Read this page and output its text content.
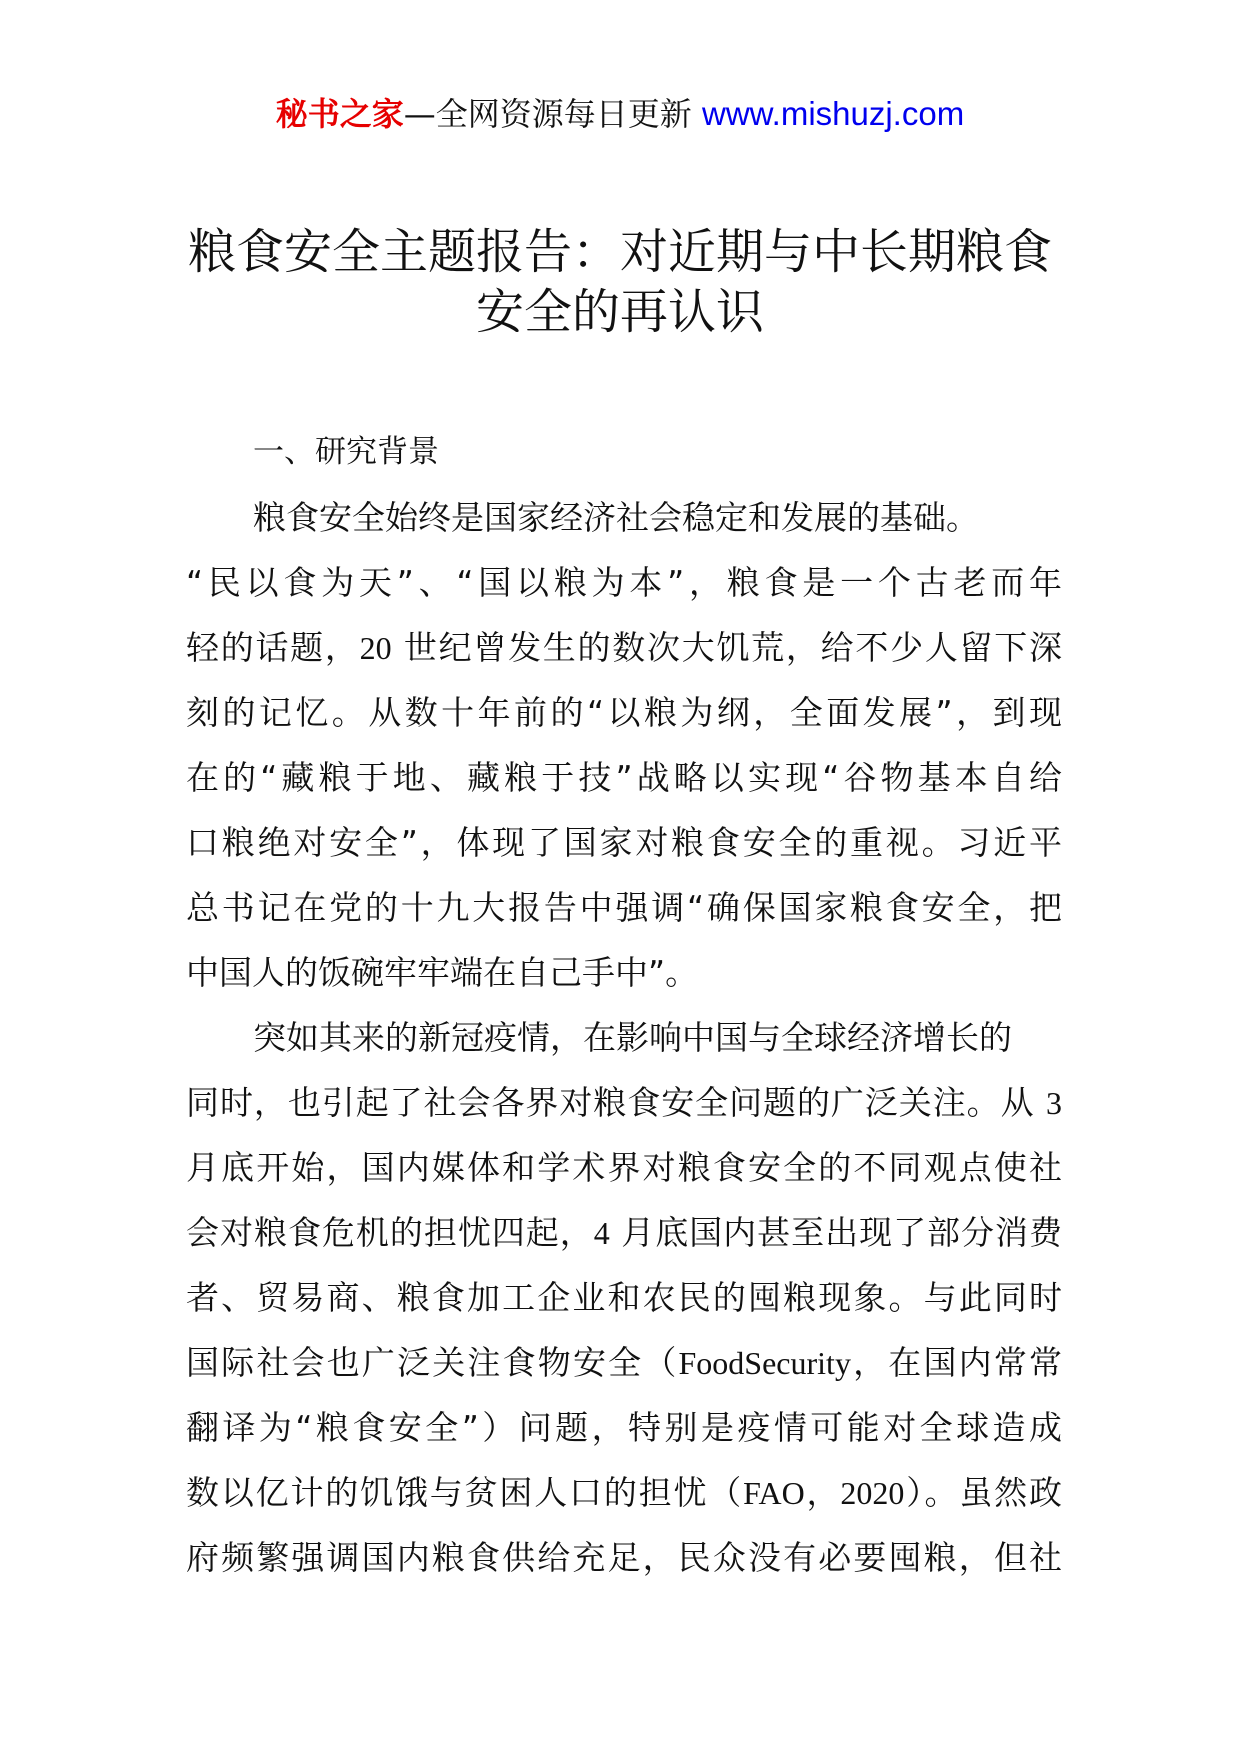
秘书之家—全网资源每日更新 www.mishuzj.com
粮食安全主题报告：对近期与中长期粮食
安全的再认识
一、研究背景
粮食安全始终是国家经济社会稳定和发展的基础。
“民以食为天”、“国以粮为本”，粮食是一个古老而年
轻的话题，20 世纪曾发生的数次大饥荒，给不少人留下深
刻的记忆。从数十年前的“以粮为纲，全面发展”，到现
在的“藏粮于地、藏粮于技”战略以实现“谷物基本自给
口粮绝对安全”，体现了国家对粮食安全的重视。习近平
总书记在党的十九大报告中强调“确保国家粮食安全，把
中国人的饭碗牢牢端在自己手中”。
突如其来的新冠疫情，在影响中国与全球经济增长的
同时，也引起了社会各界对粮食安全问题的广泛关注。从 3
月底开始，国内媒体和学术界对粮食安全的不同观点使社
会对粮食危机的担忧四起，4 月底国内甚至出现了部分消费
者、贸易商、粮食加工企业和农民的囤粮现象。与此同时
国际社会也广泛关注食物安全（FoodSecurity，在国内常常
翻译为“粮食安全”）问题，特别是疫情可能对全球造成
数以亿计的饥饿与贫困人口的担忧（FAO，2020）。虽然政
府频繁强调国内粮食供给充足，民众没有必要囤粮，但社
